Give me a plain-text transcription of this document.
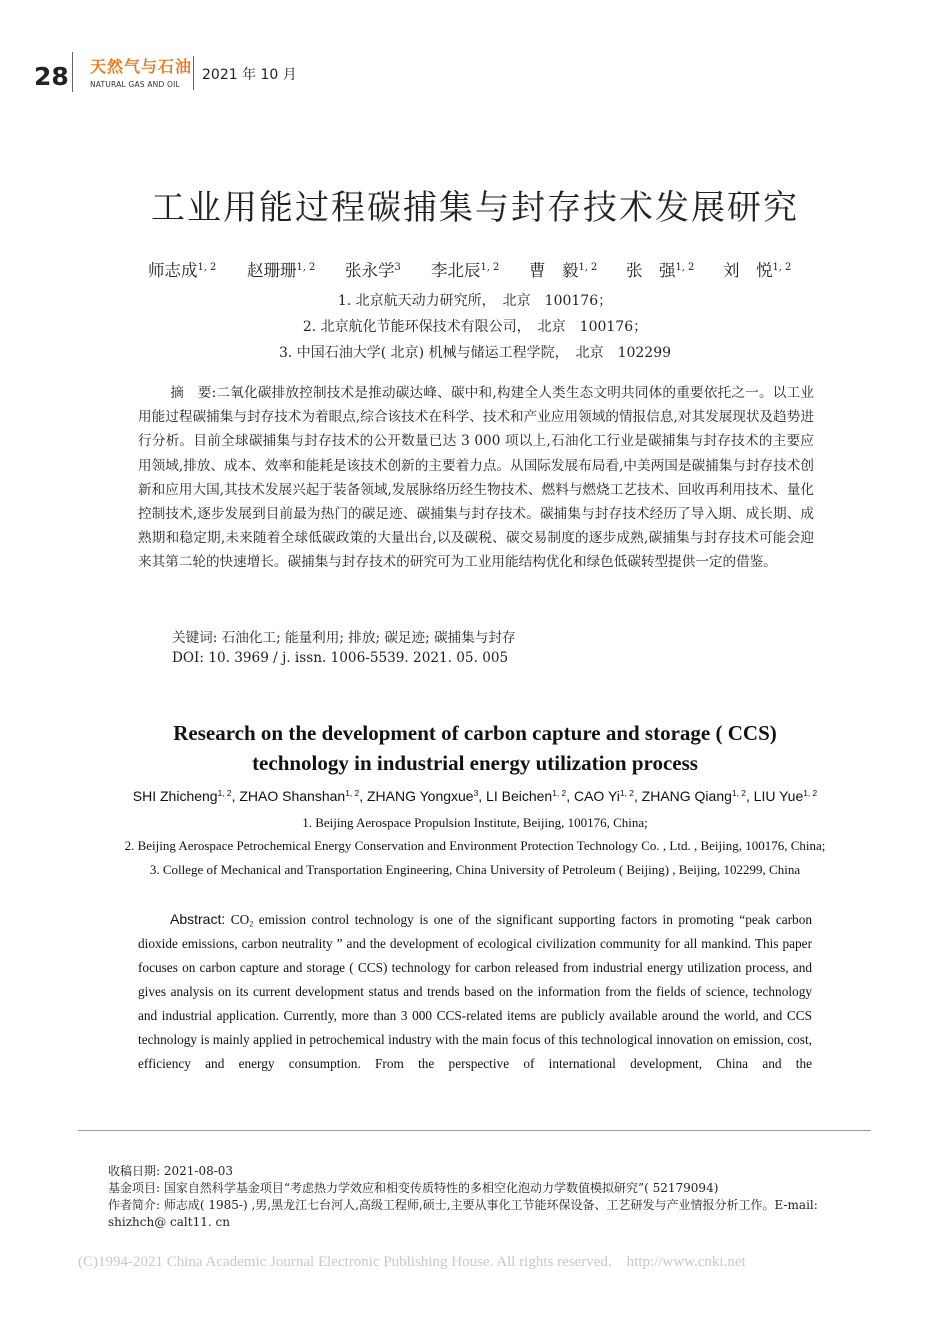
28 天然气与石油
NATURAL GAS AND OIL
2021 年 10 月
工业用能过程碳捕集与封存技术发展研究
师志成$^{1, 2}$ 赵珊珊$^{1, 2}$ 张永学$^3$ 李北辰$^{1, 2}$ 曹　毅$^{1, 2}$ 张　强$^{1, 2}$ 刘　悦$^{1, 2}$
1. 北京航天动力研究所，　北京　100176；
2. 北京航化节能环保技术有限公司，　北京　100176；
3. 中国石油大学( 北京) 机械与储运工程学院，　北京　102299
摘　要:二氧化碳排放控制技术是推动碳达峰、碳中和,构建全人类生态文明共同体的重要依托之一。以工业用能过程碳捕集与封存技术为着眼点,综合该技术在科学、技术和产业应用领域的情报信息,对其发展现状及趋势进行分析。目前全球碳捕集与封存技术的公开数量已达 3 000 项以上,石油化工行业是碳捕集与封存技术的主要应用领域,排放、成本、效率和能耗是该技术创新的主要着力点。从国际发展布局看,中美两国是碳捕集与封存技术创新和应用大国,其技术发展兴起于装备领域,发展脉络历经生物技术、燃料与燃烧工艺技术、回收再利用技术、量化控制技术,逐步发展到目前最为热门的碳足迹、碳捕集与封存技术。碳捕集与封存技术经历了导入期、成长期、成熟期和稳定期,未来随着全球低碳政策的大量出台,以及碳税、碳交易制度的逐步成熟,碳捕集与封存技术可能会迎来其第二轮的快速增长。碳捕集与封存技术的研究可为工业用能结构优化和绿色低碳转型提供一定的借鉴。
关键词: 石油化工; 能量利用; 排放; 碳足迹; 碳捕集与封存
DOI: 10. 3969 / j. issn. 1006-5539. 2021. 05. 005
Research on the development of carbon capture and storage ( CCS)
technology in industrial energy utilization process
SHI Zhicheng$^{1, 2}$, ZHAO Shanshan$^{1, 2}$, ZHANG Yongxue$^3$, LI Beichen$^{1, 2}$, CAO Yi$^{1, 2}$, ZHANG Qiang$^{1, 2}$, LIU Yue$^{1, 2}$
1. Beijing Aerospace Propulsion Institute, Beijing, 100176, China;
2. Beijing Aerospace Petrochemical Energy Conservation and Environment Protection Technology Co. , Ltd. , Beijing, 100176, China;
3. College of Mechanical and Transportation Engineering, China University of Petroleum ( Beijing) , Beijing, 102299, China
Abstract: $CO_2$ emission control technology is one of the significant supporting factors in promoting “peak carbon dioxide emissions, carbon neutrality ” and the development of ecological civilization community for all mankind. This paper focuses on carbon capture and storage ( CCS) technology for carbon released from industrial energy utilization process, and gives analysis on its current development status and trends based on the information from the fields of science, technology and industrial application. Currently, more than 3 000 CCS-related items are publicly available around the world, and CCS technology is mainly applied in petrochemical industry with the main focus of this technological innovation on emission, cost, efficiency and energy consumption. From the perspective of international development, China and the
收稿日期: 2021-08-03
基金项目: 国家自然科学基金项目“考虑热力学效应和相变传质特性的多相空化泡动力学数值模拟研究”( 52179094)
作者简介: 师志成( 1985-) ,男,黑龙江七台河人,高级工程师,硕士,主要从事化工节能环保设备、工艺研发与产业情报分析工作。E-mail: shizhch@ calt11. cn
(C)1994-2021 China Academic Journal Electronic Publishing House. All rights reserved.　http://www.cnki.net
